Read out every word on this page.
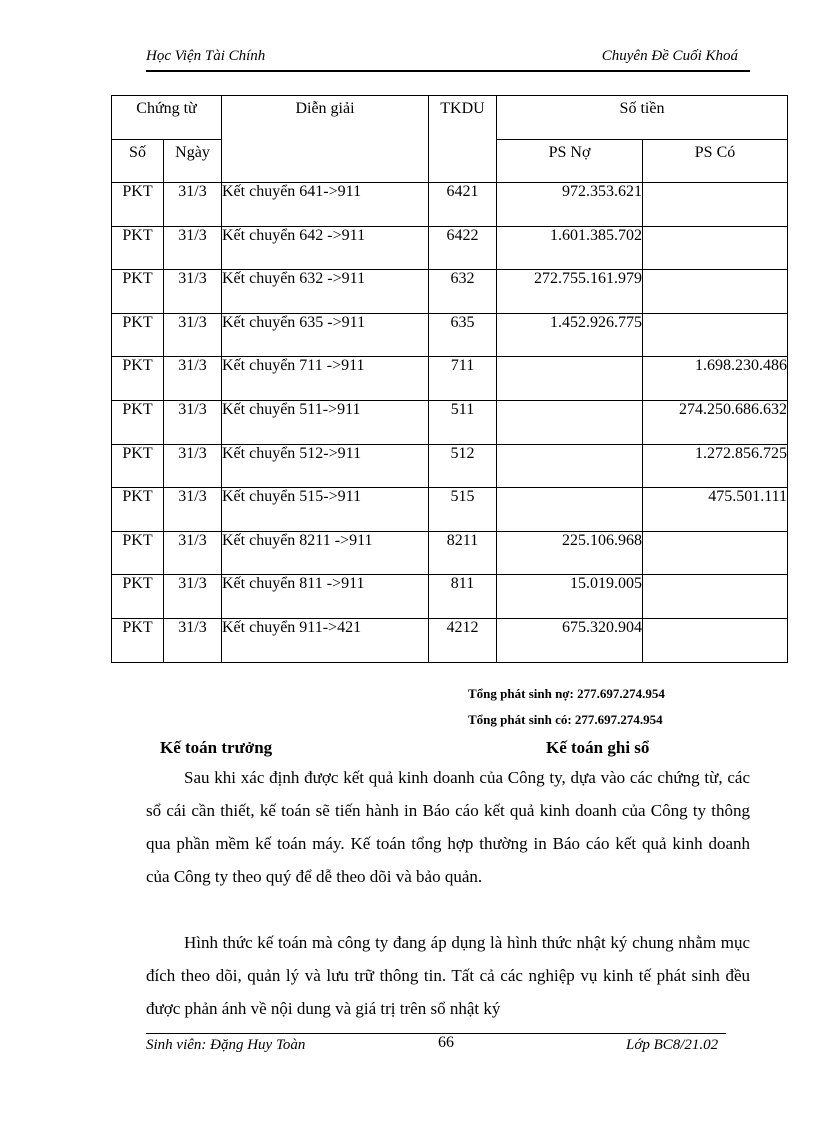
Học Viện Tài Chính	Chuyên Đề Cuối Khoá
Chứng từ		Diễn giải	TKDU	Số tiền	
Số	Ngày			PS Nợ	PS Có
PKT	31/3	Kết chuyển 641->911	6421	972.353.621	
PKT	31/3	Kết chuyển 642 ->911	6422	1.601.385.702	
PKT	31/3	Kết chuyển 632 ->911	632	272.755.161.979	
PKT	31/3	Kết chuyển 635 ->911	635	1.452.926.775	
PKT	31/3	Kết chuyển 711 ->911	711		1.698.230.486
PKT	31/3	Kết chuyển 511->911	511		274.250.686.632
PKT	31/3	Kết chuyển 512->911	512		1.272.856.725
PKT	31/3	Kết chuyển 515->911	515		475.501.111
PKT	31/3	Kết chuyển 8211 ->911	8211	225.106.968	
PKT	31/3	Kết chuyển 811 ->911	811	15.019.005	
PKT	31/3	Kết chuyển 911->421	4212	675.320.904	
Tổng phát sinh nợ: 277.697.274.954
Tổng phát sinh có: 277.697.274.954
Kế toán trưởng	Kế toán ghi sổ
Sau khi xác định được kết quả kinh doanh của Công ty, dựa vào các chứng từ, các sổ cái cần thiết, kế toán sẽ tiến hành in Báo cáo kết quả kinh doanh của Công ty thông qua phần mềm kế toán máy. Kế toán tổng hợp thường in Báo cáo kết quả kinh doanh của Công ty theo quý để dễ theo dõi và bảo quản.
Hình thức kế toán mà công ty đang áp dụng là hình thức nhật ký chung nhằm mục đích theo dõi, quản lý và lưu trữ thông tin. Tất cả các nghiệp vụ kinh tế phát sinh đều được phản ánh về nội dung và giá trị trên sổ nhật ký
Sinh viên: Đặng Huy Toàn	66	Lớp BC8/21.02
